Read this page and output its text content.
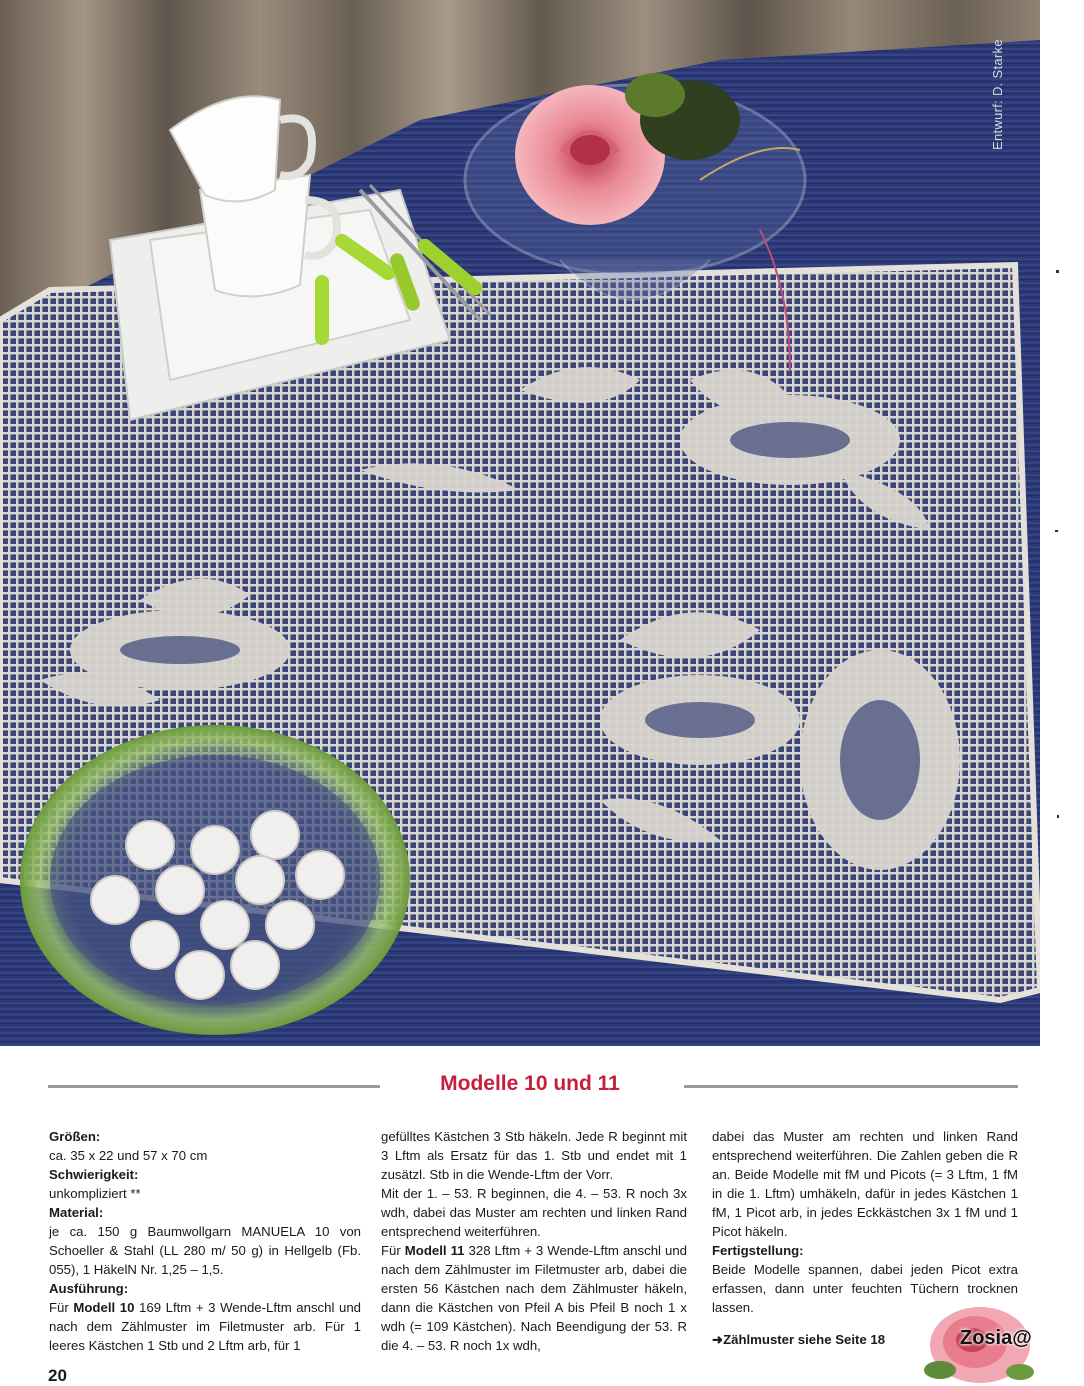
Entwurf: D. Starke
Modelle 10 und 11

Größen:

ca. 35 x 22 und 57 x 70 cm

Schwierigkeit:

unkompliziert **

Material:

je ca. 150 g Baumwollgarn MANUELA 10 von Schoeller & Stahl (LL 280 m/ 50 g) in Hellgelb (Fb. 055), 1 HäkelN Nr. 1,25 – 1,5.

Ausführung:

Für Modell 10 169 Lftm + 3 Wende-Lftm anschl und nach dem Zählmuster im Filetmuster arb. Für 1 leeres Kästchen 1 Stb und 2 Lftm arb, für 1

gefülltes Kästchen 3 Stb häkeln. Jede R beginnt mit 3 Lftm als Ersatz für das 1. Stb und endet mit 1 zusätzl. Stb in die Wende-Lftm der Vorr.

Mit der 1. – 53. R beginnen, die 4. – 53. R noch 3x wdh, dabei das Muster am rechten und linken Rand entsprechend weiterführen.

Für Modell 11 328 Lftm + 3 Wende-Lftm anschl und nach dem Zählmuster im Filetmuster arb, dabei die ersten 56 Kästchen nach dem Zählmuster häkeln, dann die Kästchen von Pfeil A bis Pfeil B noch 1 x wdh (= 109 Kästchen). Nach Beendigung der 53. R die 4. – 53. R noch 1x wdh,

dabei das Muster am rechten und linken Rand entsprechend weiterführen. Die Zahlen geben die R an. Beide Modelle mit fM und Picots (= 3 Lftm, 1 fM in die 1. Lftm) umhäkeln, dafür in jedes Kästchen 1 fM, 1 Picot arb, in jedes Eckkästchen 3x 1 fM und 1 Picot häkeln.

Fertigstellung:

Beide Modelle spannen, dabei jeden Picot extra erfassen, dann unter feuchten Tüchern trocknen lassen.

➜Zählmuster siehe Seite 18

20
Zosia@
